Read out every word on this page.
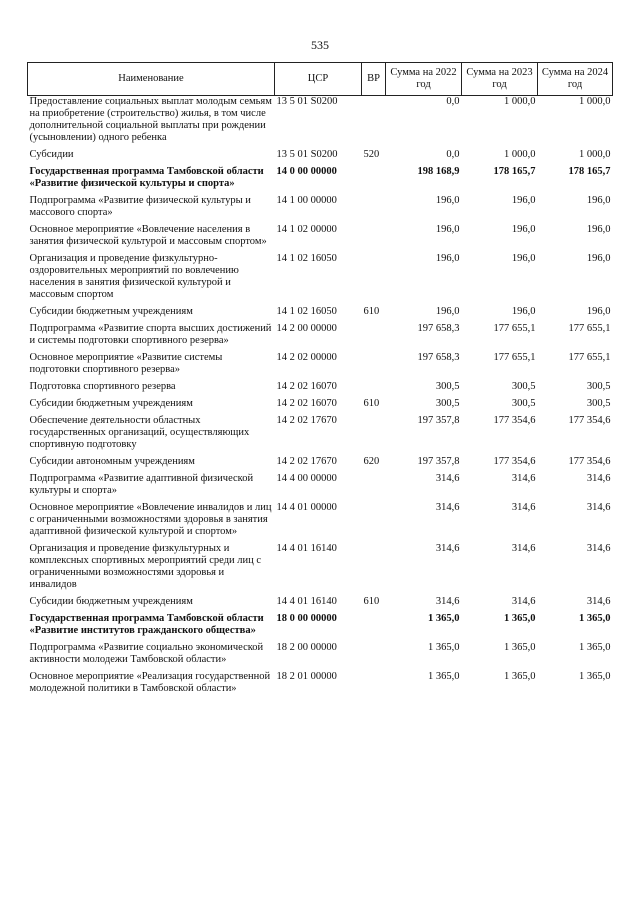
535
Наименование	ЦСР	ВР	Сумма на 2022 год	Сумма на 2023 год	Сумма на 2024 год
Предоставление социальных выплат молодым семьям на приобретение (строительство) жилья, в том числе дополнительной социальной выплаты при рождении (усыновлении) одного ребенка	13 5 01 S0200		0,0	1 000,0	1 000,0
Субсидии	13 5 01 S0200	520	0,0	1 000,0	1 000,0
Государственная программа Тамбовской области «Развитие физической культуры и спорта»	14 0 00 00000		198 168,9	178 165,7	178 165,7
Подпрограмма «Развитие физической культуры и массового спорта»	14 1 00 00000		196,0	196,0	196,0
Основное мероприятие «Вовлечение населения в занятия физической культурой и массовым спортом»	14 1 02 00000		196,0	196,0	196,0
Организация и проведение физкультурно-оздоровительных мероприятий по вовлечению населения в занятия физической культурой и массовым спортом	14 1 02 16050		196,0	196,0	196,0
Субсидии бюджетным учреждениям	14 1 02 16050	610	196,0	196,0	196,0
Подпрограмма «Развитие спорта высших достижений и системы подготовки спортивного резерва»	14 2 00 00000		197 658,3	177 655,1	177 655,1
Основное мероприятие «Развитие системы подготовки спортивного резерва»	14 2 02 00000		197 658,3	177 655,1	177 655,1
Подготовка спортивного резерва	14 2 02 16070		300,5	300,5	300,5
Субсидии бюджетным учреждениям	14 2 02 16070	610	300,5	300,5	300,5
Обеспечение деятельности областных государственных организаций, осуществляющих спортивную подготовку	14 2 02 17670		197 357,8	177 354,6	177 354,6
Субсидии автономным учреждениям	14 2 02 17670	620	197 357,8	177 354,6	177 354,6
Подпрограмма «Развитие адаптивной физической культуры и спорта»	14 4 00 00000		314,6	314,6	314,6
Основное мероприятие «Вовлечение инвалидов и лиц с ограниченными возможностями здоровья в занятия адаптивной физической культурой и спортом»	14 4 01 00000		314,6	314,6	314,6
Организация и проведение физкультурных и комплексных спортивных мероприятий среди лиц с ограниченными возможностями здоровья и инвалидов	14 4 01 16140		314,6	314,6	314,6
Субсидии бюджетным учреждениям	14 4 01 16140	610	314,6	314,6	314,6
Государственная программа Тамбовской области «Развитие институтов гражданского общества»	18 0 00 00000		1 365,0	1 365,0	1 365,0
Подпрограмма «Развитие социально экономической активности молодежи Тамбовской области»	18 2 00 00000		1 365,0	1 365,0	1 365,0
Основное мероприятие «Реализация государственной молодежной политики в Тамбовской области»	18 2 01 00000		1 365,0	1 365,0	1 365,0
